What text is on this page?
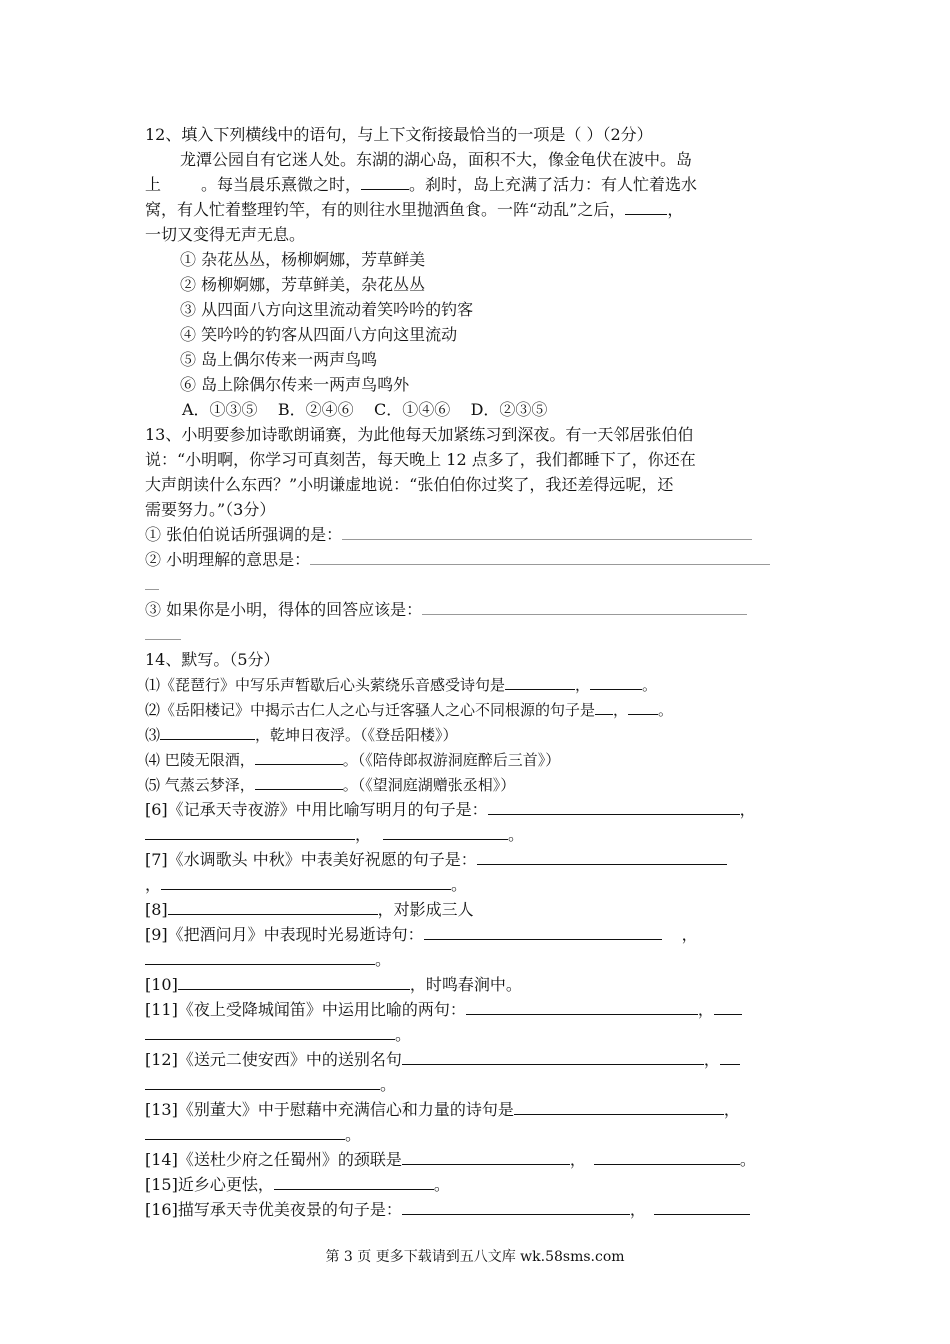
12、填入下列横线中的语句，与上下文衔接最恰当的一项是（ ）（2分）
龙潭公园自有它迷人处。东湖的湖心岛，面积不大，像金龟伏在波中。岛
上	。每当晨乐熹微之时，	。刹时，岛上充满了活力：有人忙着选水
窝，有人忙着整理钓竿，有的则往水里抛洒鱼食。一阵“动乱”之后，	，
一切又变得无声无息。
① 杂花丛丛，杨柳婀娜，芳草鲜美
② 杨柳婀娜，芳草鲜美，杂花丛丛
③ 从四面八方向这里流动着笑吟吟的钓客
④ 笑吟吟的钓客从四面八方向这里流动
⑤ 岛上偶尔传来一两声鸟鸣
⑥ 岛上除偶尔传来一两声鸟鸣外
A．①③⑤    B．②④⑥    C．①④⑥    D．②③⑤
13、小明要参加诗歌朗诵赛，为此他每天加紧练习到深夜。有一天邻居张伯伯
说：“小明啊，你学习可真刻苦，每天晚上 12 点多了，我们都睡下了，你还在
大声朗读什么东西？”小明谦虚地说：“张伯伯你过奖了，我还差得远呢，还
需要努力。”（3分）
① 张伯伯说话所强调的是：
② 小明理解的意思是：
③ 如果你是小明，得体的回答应该是：
14、默写。（5分）
⑴《琵琶行》中写乐声暂歇后心头萦绕乐音感受诗句是	，	。
⑵《岳阳楼记》中揭示古仁人之心与迁客骚人之心不同根源的句子是 ， 。
⑶	，乾坤日夜浮。（《登岳阳楼》）
⑷ 巴陵无限酒，	。（《陪侍郎叔游洞庭醉后三首》）
⑸ 气蒸云梦泽，	。（《望洞庭湖赠张丞相》）
[6]《记承天寺夜游》中用比喻写明月的句子是：	，
，	。
[7]《水调歌头 中秋》中表美好祝愿的句子是：
，	。
[8]	，对影成三人
[9]《把酒问月》中表现时光易逝诗句：	，
。
[10]	，时鸣春涧中。
[11]《夜上受降城闻笛》中运用比喻的两句：	，
。
[12]《送元二使安西》中的送别名句	，
。
[13]《别董大》中于慰藉中充满信心和力量的诗句是	，
。
[14]《送杜少府之任蜀州》的颈联是	，	。
[15]近乡心更怯，	。
[16]描写承天寺优美夜景的句子是：	，
第 3 页 更多下载请到五八文库 wk.58sms.com
